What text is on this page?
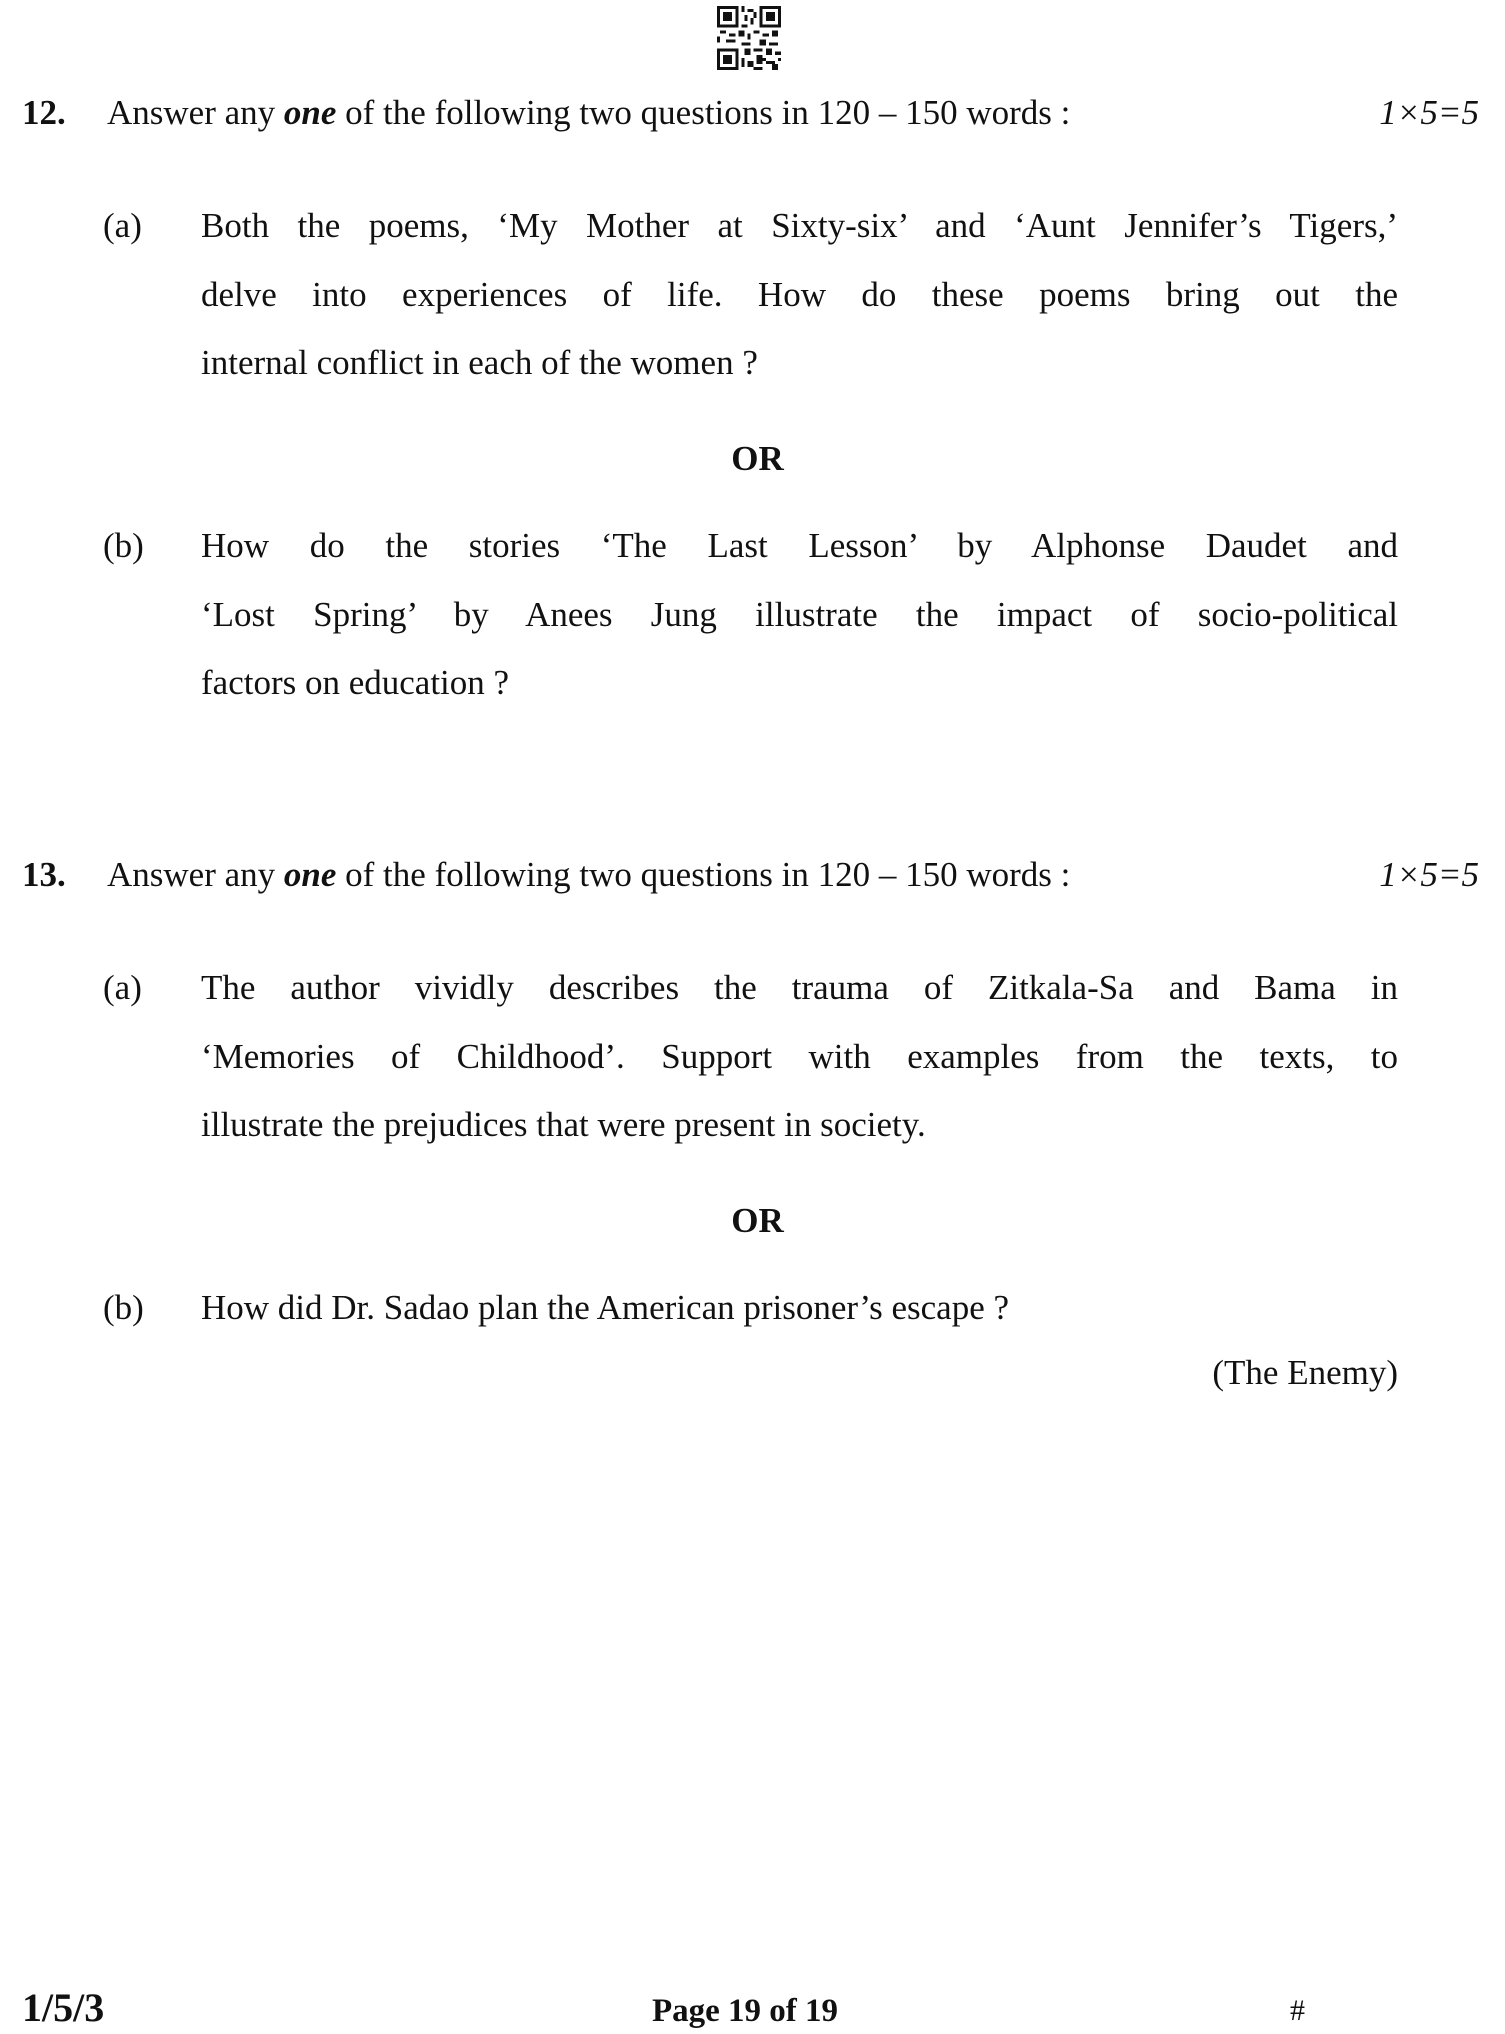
12. Answer any one of the following two questions in 120 – 150 words :	1×5=5
(a) Both the poems, ‘My Mother at Sixty-six’ and ‘Aunt Jennifer’s Tigers,’
delve into experiences of life. How do these poems bring out the
internal conflict in each of the women ?
OR
(b) How do the stories ‘The Last Lesson’ by Alphonse Daudet and
‘Lost Spring’ by Anees Jung illustrate the impact of socio-political
factors on education ?
13. Answer any one of the following two questions in 120 – 150 words :	1×5=5
(a) The author vividly describes the trauma of Zitkala-Sa and Bama in
‘Memories of Childhood’. Support with examples from the texts, to
illustrate the prejudices that were present in society.
OR
(b) How did Dr. Sadao plan the American prisoner’s escape ?
(The Enemy)
1/5/3	Page 19 of 19	#
